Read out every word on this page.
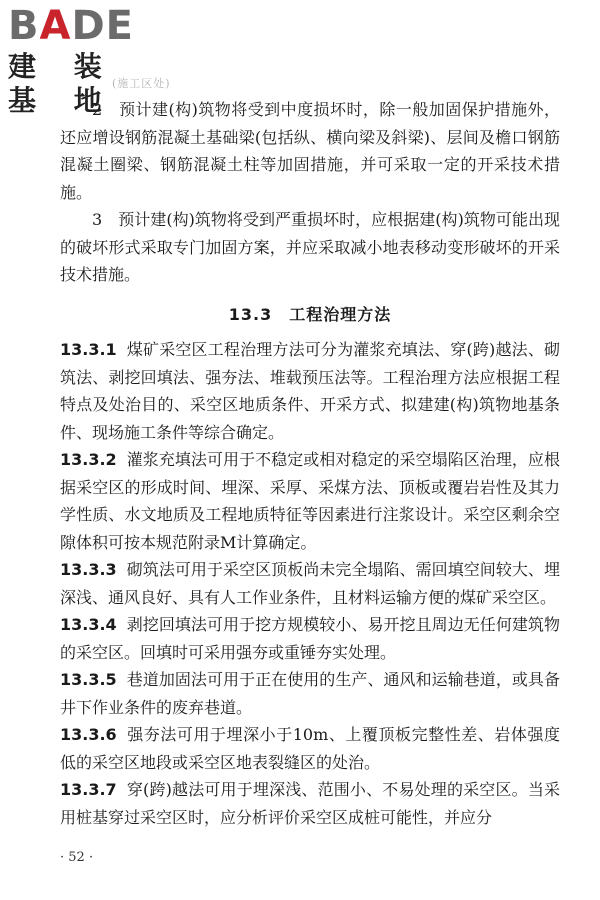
BADE
建 装 基 地
(施工区处)

2　预计建(构)筑物将受到中度损坏时，除一般加固保护措施外，还应增设钢筋混凝土基础梁(包括纵、横向梁及斜梁)、层间及檐口钢筋混凝土圈梁、钢筋混凝土柱等加固措施，并可采取一定的开采技术措施。

3　预计建(构)筑物将受到严重损坏时，应根据建(构)筑物可能出现的破坏形式采取专门加固方案，并应采取减小地表移动变形破坏的开采技术措施。

13.3　工程治理方法

13.3.1 煤矿采空区工程治理方法可分为灌浆充填法、穿(跨)越法、砌筑法、剥挖回填法、强夯法、堆载预压法等。工程治理方法应根据工程特点及处治目的、采空区地质条件、开采方式、拟建建(构)筑物地基条件、现场施工条件等综合确定。

13.3.2 灌浆充填法可用于不稳定或相对稳定的采空塌陷区治理，应根据采空区的形成时间、埋深、采厚、采煤方法、顶板或覆岩岩性及其力学性质、水文地质及工程地质特征等因素进行注浆设计。采空区剩余空隙体积可按本规范附录M计算确定。

13.3.3 砌筑法可用于采空区顶板尚未完全塌陷、需回填空间较大、埋深浅、通风良好、具有人工作业条件，且材料运输方便的煤矿采空区。

13.3.4 剥挖回填法可用于挖方规模较小、易开挖且周边无任何建筑物的采空区。回填时可采用强夯或重锤夯实处理。

13.3.5 巷道加固法可用于正在使用的生产、通风和运输巷道，或具备井下作业条件的废弃巷道。

13.3.6 强夯法可用于埋深小于10m、上覆顶板完整性差、岩体强度低的采空区地段或采空区地表裂缝区的处治。

13.3.7 穿(跨)越法可用于埋深浅、范围小、不易处理的采空区。当采用桩基穿过采空区时，应分析评价采空区成桩可能性，并应分

· 52 ·
